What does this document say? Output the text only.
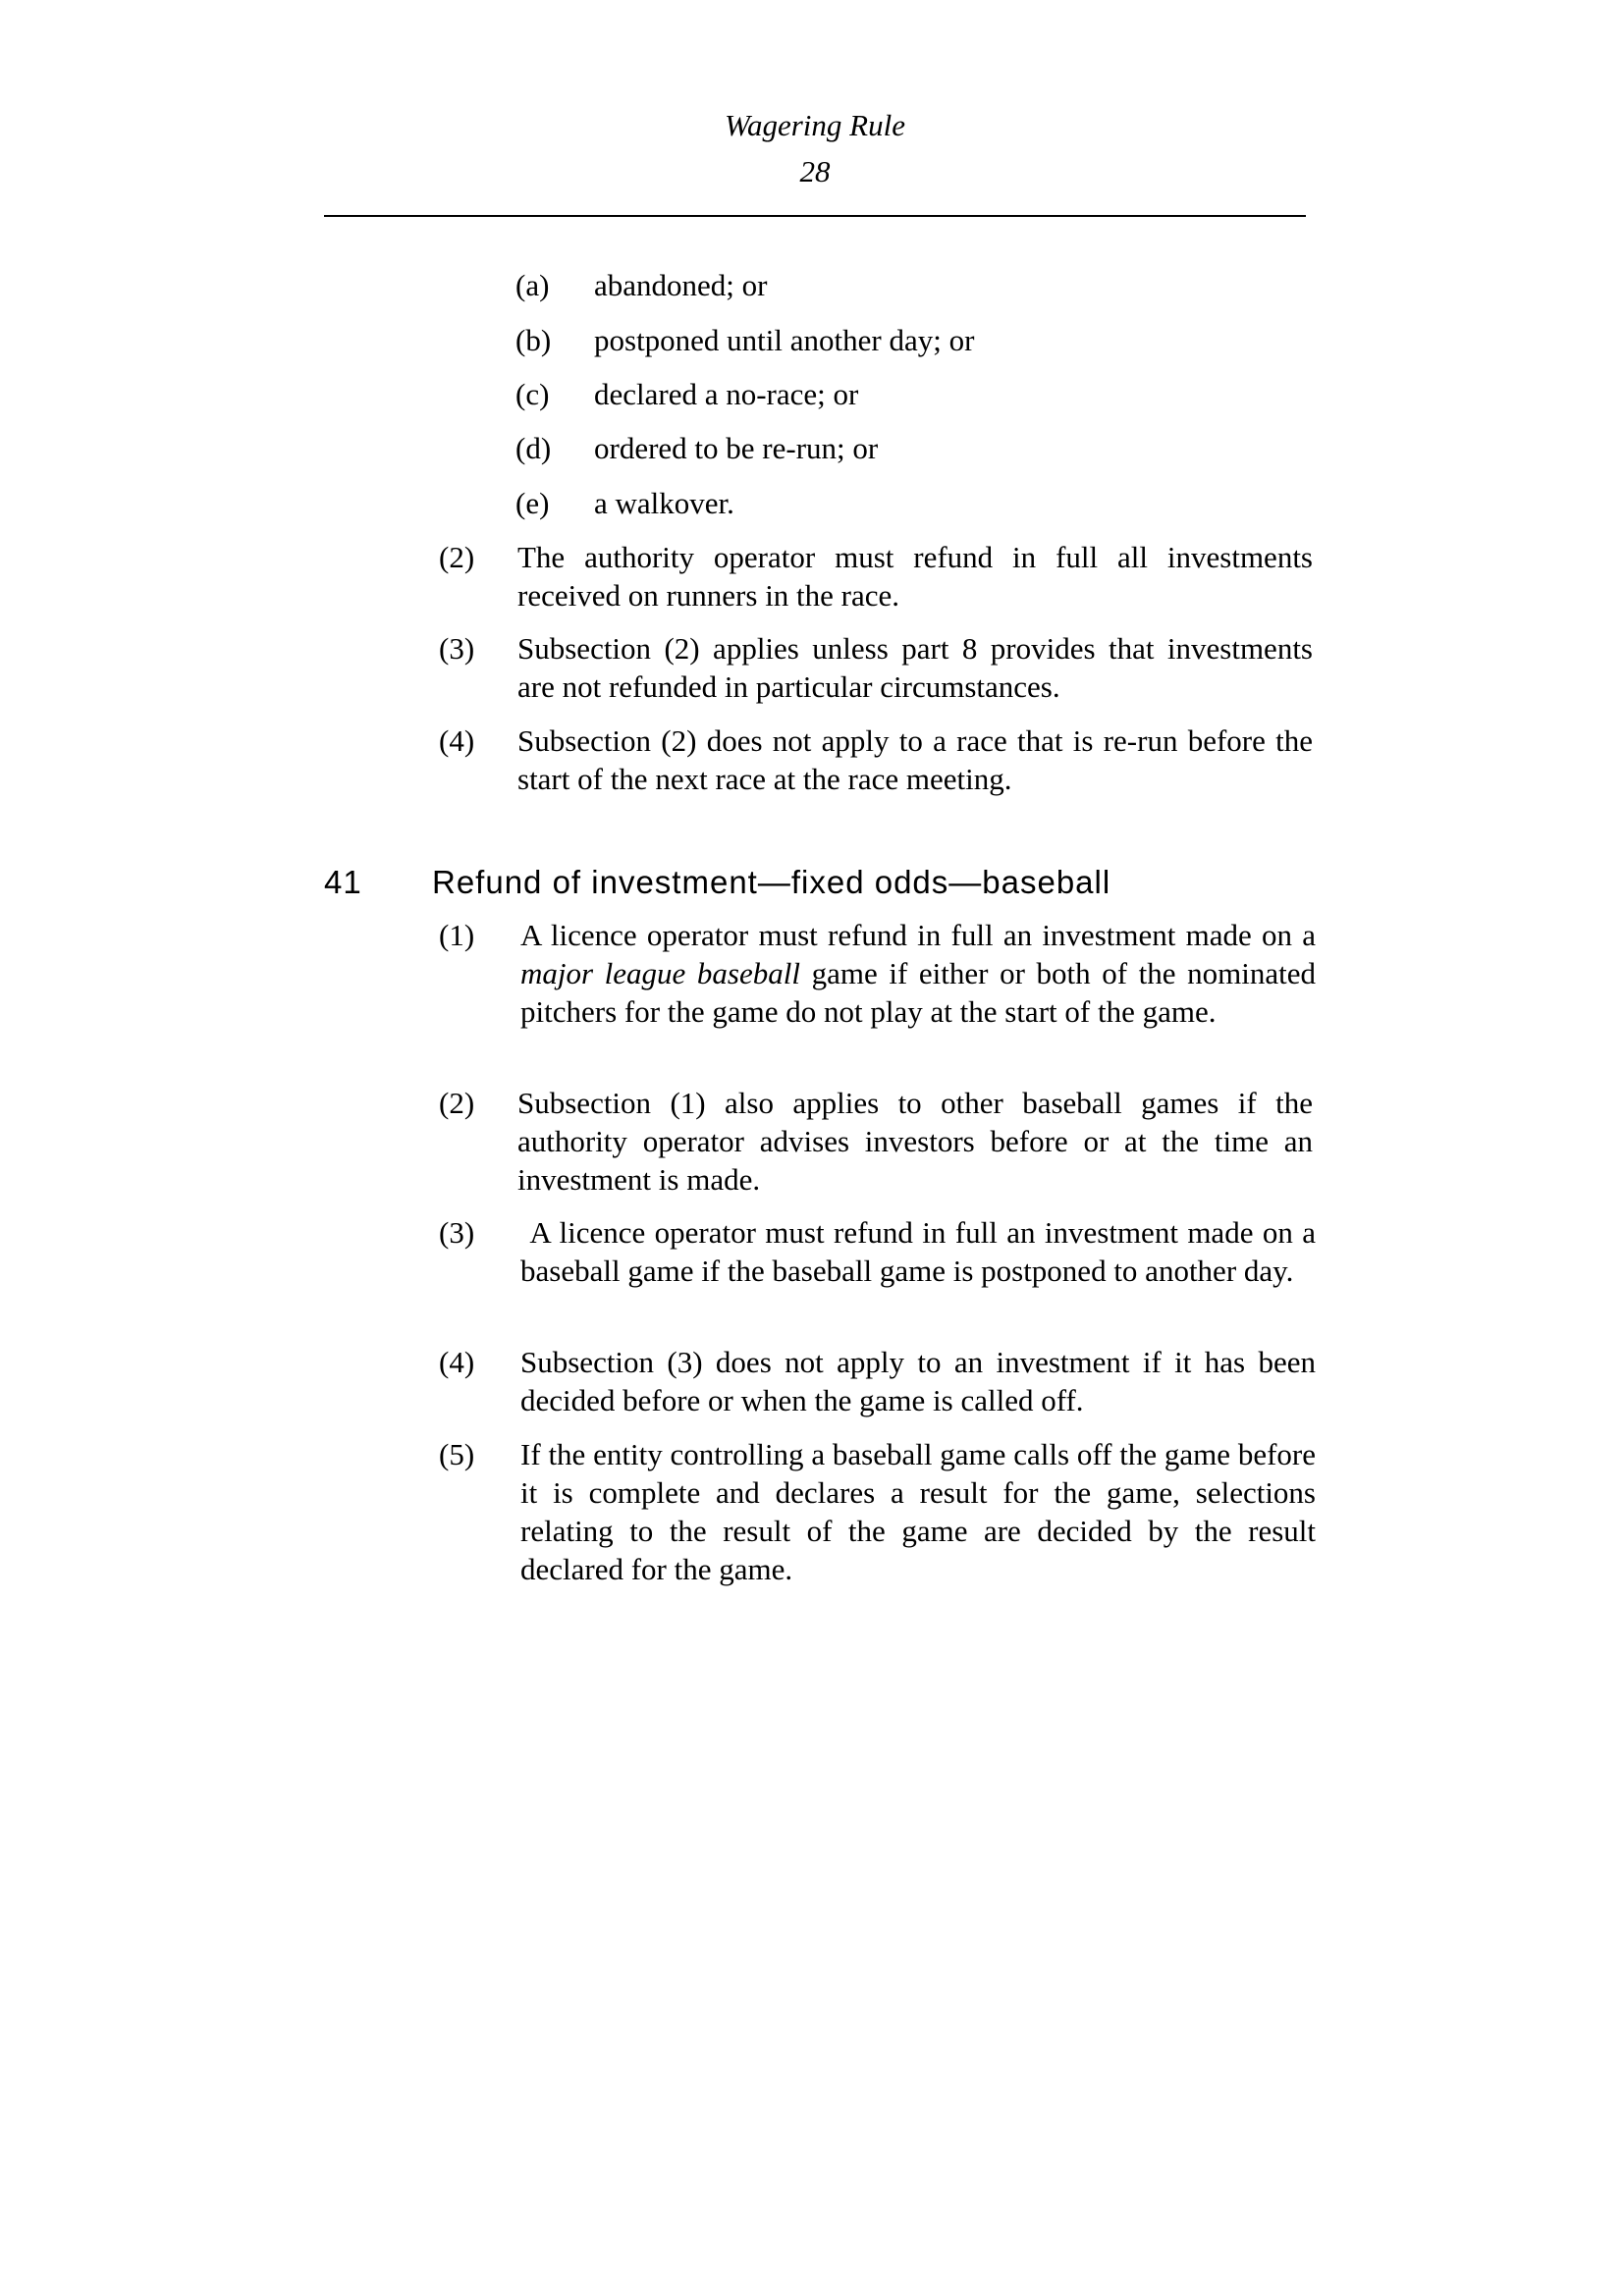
Wagering Rule
28
(a) abandoned; or
(b) postponed until another day; or
(c) declared a no-race; or
(d) ordered to be re-run; or
(e) a walkover.
(2) The authority operator must refund in full all investments received on runners in the race.
(3) Subsection (2) applies unless part 8 provides that investments are not refunded in particular circumstances.
(4) Subsection (2) does not apply to a race that is re-run before the start of the next race at the race meeting.
41 Refund of investment—fixed odds—baseball
(1) A licence operator must refund in full an investment made on a major league baseball game if either or both of the nominated pitchers for the game do not play at the start of the game.
(2) Subsection (1) also applies to other baseball games if the authority operator advises investors before or at the time an investment is made.
(3) A licence operator must refund in full an investment made on a baseball game if the baseball game is postponed to another day.
(4) Subsection (3) does not apply to an investment if it has been decided before or when the game is called off.
(5) If the entity controlling a baseball game calls off the game before it is complete and declares a result for the game, selections relating to the result of the game are decided by the result declared for the game.
